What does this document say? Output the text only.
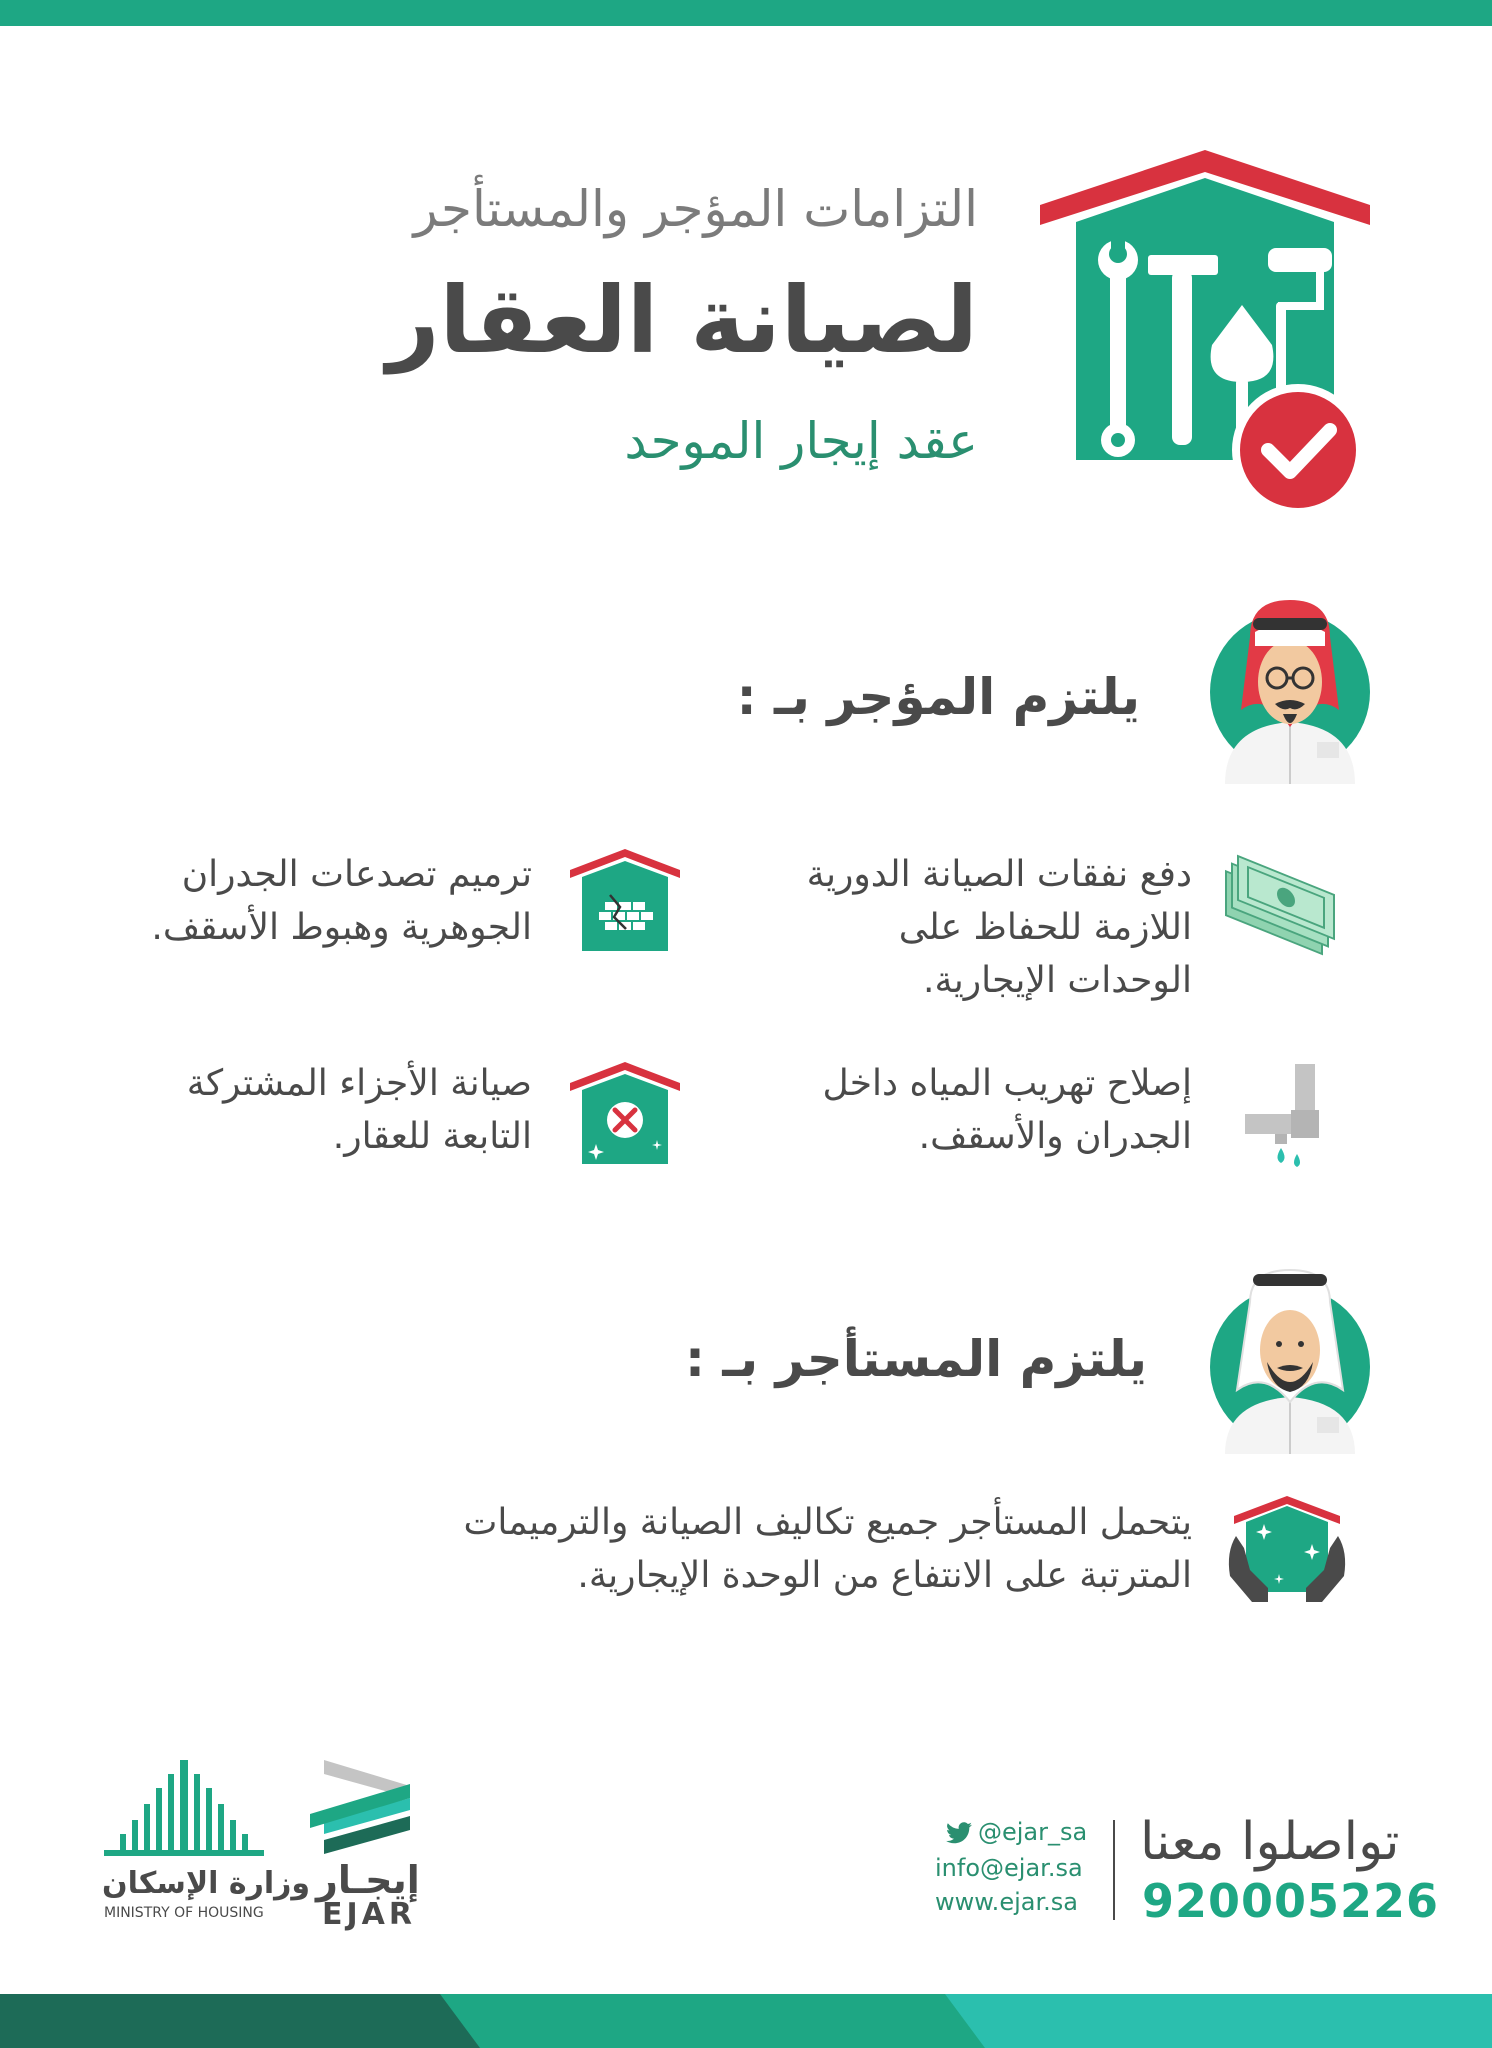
التزامات المؤجر والمستأجر
لصيانة العقار
عقد إيجار الموحد
يلتزم المؤجر بـ :
دفع نفقات الصيانة الدورية اللازمة للحفاظ على الوحدات الإيجارية.
ترميم تصدعات الجدران الجوهرية وهبوط الأسقف.
إصلاح تهريب المياه داخل الجدران والأسقف.
صيانة الأجزاء المشتركة التابعة للعقار.
يلتزم المستأجر بـ :
يتحمل المستأجر جميع تكاليف الصيانة والترميمات المترتبة على الانتفاع من الوحدة الإيجارية.
تواصلوا معنا
920005226
@ejar_sa
info@ejar.sa
www.ejar.sa
إيجـار
EJAR
وزارة الإسكان
MINISTRY OF HOUSING
